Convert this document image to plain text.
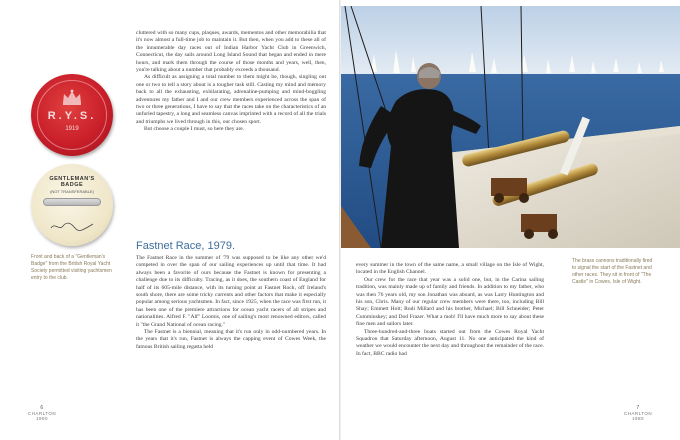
R.Y.S.
1919
GENTLEMAN'S
BADGE
(NOT TRANSFERABLE)
Front and back of a "Gentleman's Badge" from the British Royal Yacht Society permitted visiting yachtsmen entry to the club.

cluttered with so many cups, plaques, awards, mementos and other memorabilia that it's now almost a full-time job to maintain it. But then, when you add to these all of the innumerable day races out of Indian Harbor Yacht Club in Greenwich, Connecticut, the day sails around Long Island Sound that began and ended in mere hours, and mark them through the course of those months and years, well, then, you're talking about a number that probably exceeds a thousand.

As difficult as assigning a total number to them might be, though, singling out one or two to tell a story about is a tougher task still. Casting my mind and memory back to all the exhausting, exhilarating, adrenaline-pumping and mind-boggling adventures my father and I and our crew members experienced across the span of two or three generations, I have to say that the races take on the characteristics of an unfurled tapestry, a long and seamless canvas imprinted with a record of all the trials and triumphs we lived through in this, our chosen sport.

But choose a couple I must, so here they are.

Fastnet Race, 1979.

The Fastnet Race in the summer of '79 was supposed to be like any other we'd competed in over the span of our sailing experiences up until that time. It had always been a favorite of ours because the Fastnet is known for presenting a challenge due to its difficulty. Tracing, as it does, the southern coast of England for half of its 605-mile distance, with its turning point at Fastnet Rock, off Ireland's south shore, there are some tricky currents and other factors that make it especially popular among serious yachtsmen. In fact, since 1925, when the race was first run, it has been one of the premiere attractions for ocean yacht racers of all stripes and nationalities. Alfred F. "Alf" Loomis, one of sailing's most renowned editors, called it "the Grand National of ocean racing."

The Fastnet is a biennial, meaning that it's run only in odd-numbered years. In the years that it's run, Fastnet is always the capping event of Cowes Week, the famous British sailing regatta held

6
CHARLTON 1980

every summer in the town of the same name, a small village on the Isle of Wight, located in the English Channel.

Our crew for the race that year was a solid one, but, in the Carina sailing tradition, was mainly made up of family and friends. In addition to my father, who was then 76 years old, my son Jonathan was aboard, as was Larry Huntington and his son, Chris. Many of our regular crew members were there, too, including Bill Shay; Emmett Holt; Rudi Millard and his brother, Michael; Bill Schneider; Peter Cumminskey; and Dod Frazer. What a mob! I'll have much more to say about these fine men and sailors later.

Three-hundred-and-three boats started out from the Cowes Royal Yacht Squadron that Saturday afternoon, August 11. No one anticipated the kind of weather we would encounter the next day and throughout the remainder of the race. In fact, BBC radio had

The brass cannons traditionally fired to signal the start of the Fastnet and other races. They sit in front of "The Castle" in Cowes, Isle of Wight.
7
CHARLTON 1980
